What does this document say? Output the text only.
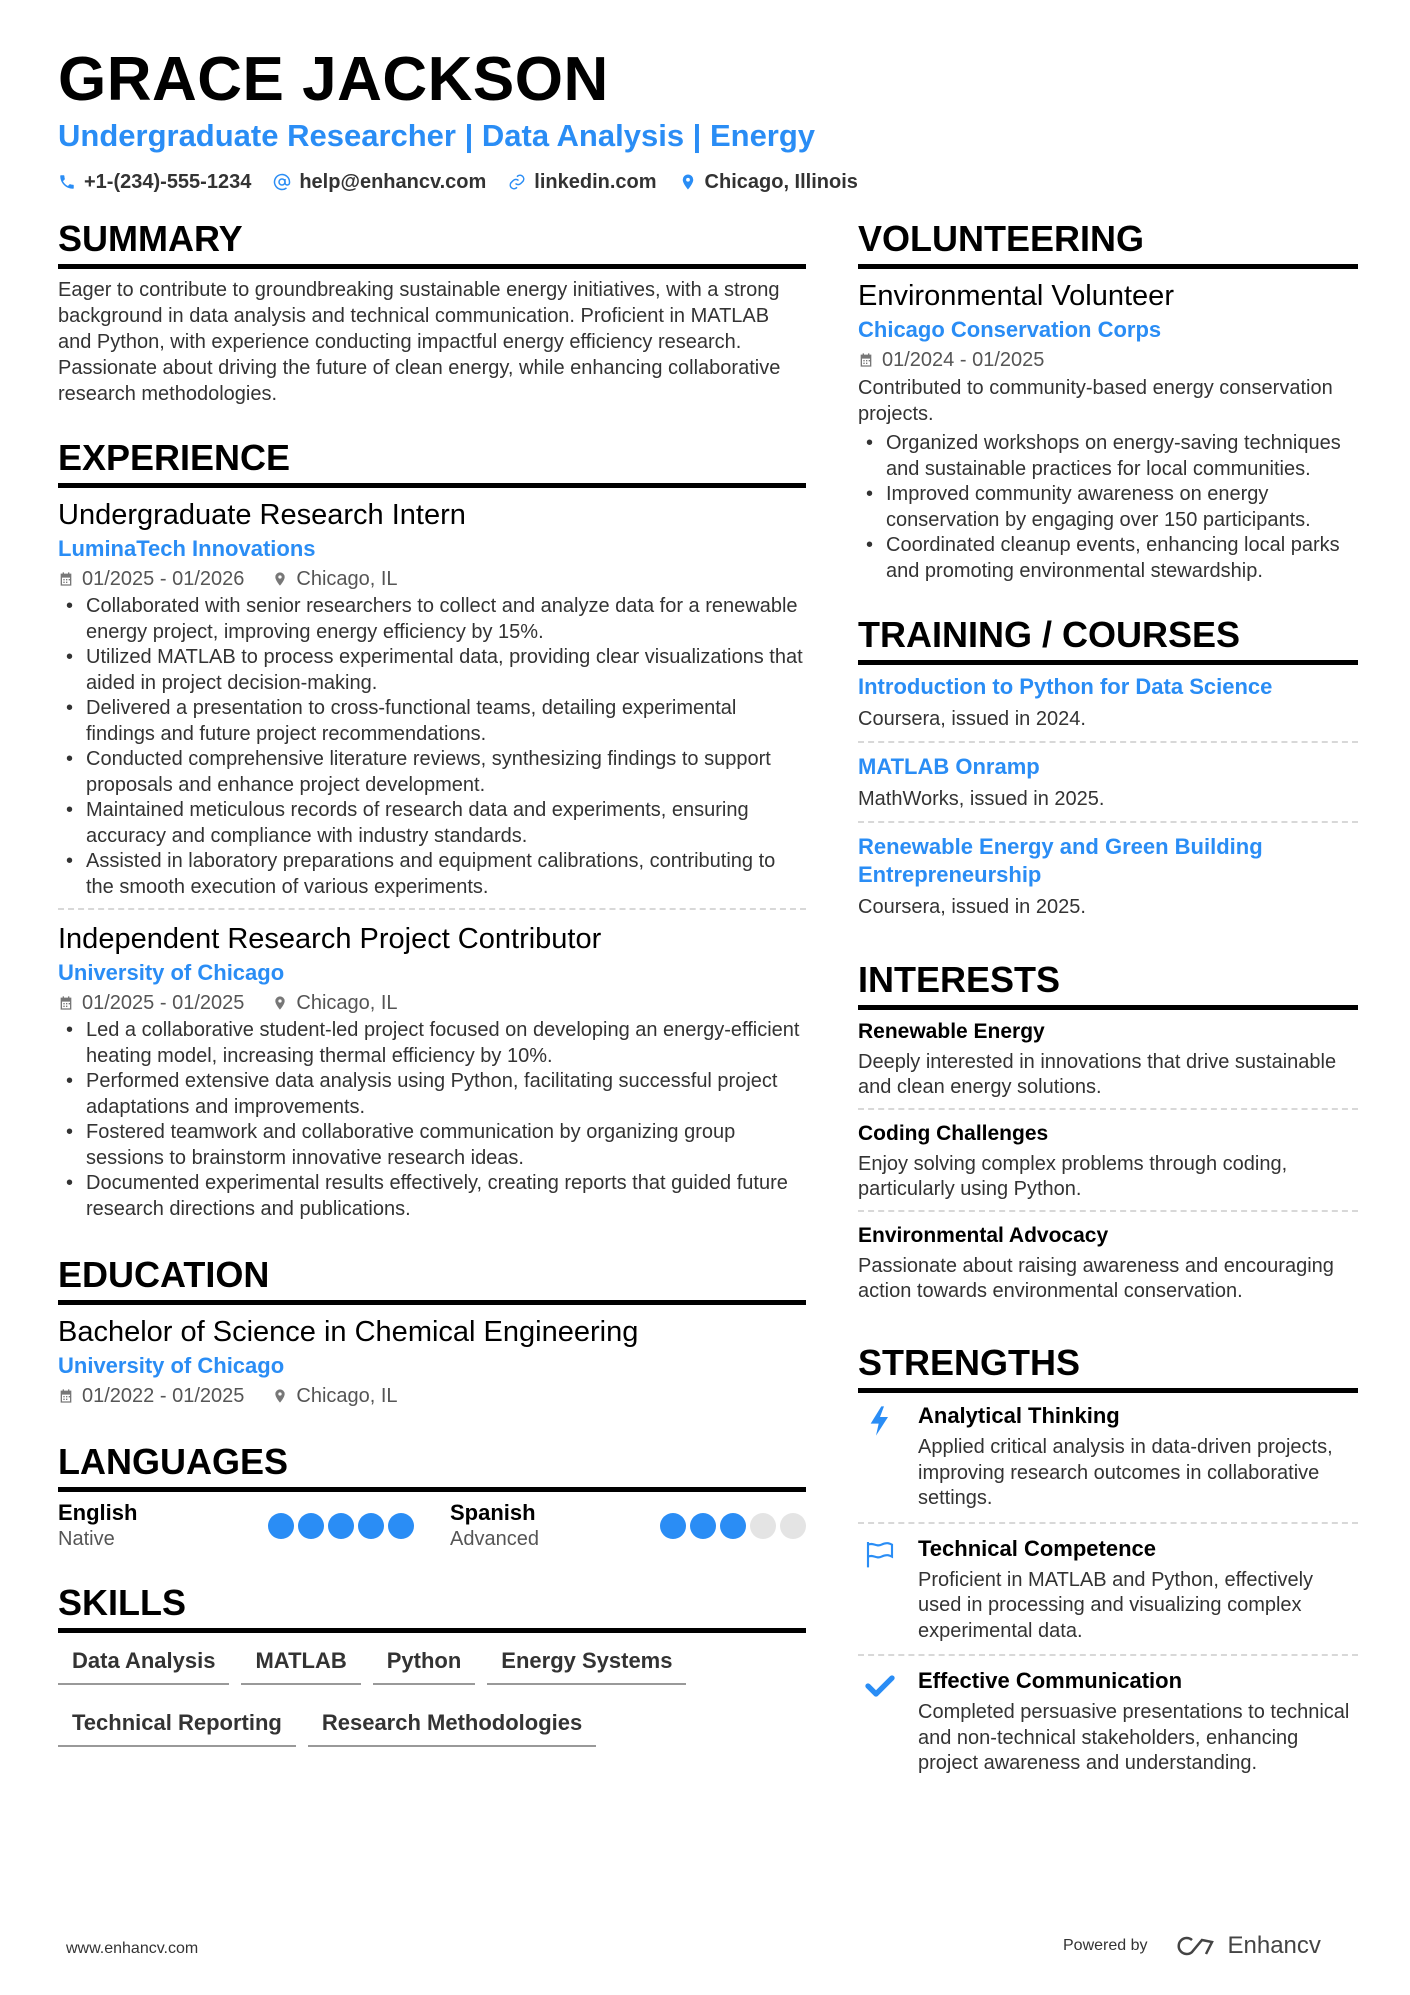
GRACE JACKSON
Undergraduate Researcher | Data Analysis | Energy
+1-(234)-555-1234 help@enhancv.com linkedin.com Chicago, Illinois
SUMMARY
Eager to contribute to groundbreaking sustainable energy initiatives, with a strong background in data analysis and technical communication. Proficient in MATLAB and Python, with experience conducting impactful energy efficiency research. Passionate about driving the future of clean energy, while enhancing collaborative research methodologies.
EXPERIENCE
Undergraduate Research Intern
LuminaTech Innovations
01/2025 - 01/2026	Chicago, IL
• Collaborated with senior researchers to collect and analyze data for a renewable energy project, improving energy efficiency by 15%.
• Utilized MATLAB to process experimental data, providing clear visualizations that aided in project decision-making.
• Delivered a presentation to cross-functional teams, detailing experimental findings and future project recommendations.
• Conducted comprehensive literature reviews, synthesizing findings to support proposals and enhance project development.
• Maintained meticulous records of research data and experiments, ensuring accuracy and compliance with industry standards.
• Assisted in laboratory preparations and equipment calibrations, contributing to the smooth execution of various experiments.
Independent Research Project Contributor
University of Chicago
01/2025 - 01/2025	Chicago, IL
• Led a collaborative student-led project focused on developing an energy-efficient heating model, increasing thermal efficiency by 10%.
• Performed extensive data analysis using Python, facilitating successful project adaptations and improvements.
• Fostered teamwork and collaborative communication by organizing group sessions to brainstorm innovative research ideas.
• Documented experimental results effectively, creating reports that guided future research directions and publications.
EDUCATION
Bachelor of Science in Chemical Engineering
University of Chicago
01/2022 - 01/2025	Chicago, IL
LANGUAGES
English
Native
Spanish
Advanced
SKILLS
Data Analysis	MATLAB	Python	Energy Systems
Technical Reporting	Research Methodologies
VOLUNTEERING
Environmental Volunteer
Chicago Conservation Corps
01/2024 - 01/2025
Contributed to community-based energy conservation projects.
• Organized workshops on energy-saving techniques and sustainable practices for local communities.
• Improved community awareness on energy conservation by engaging over 150 participants.
• Coordinated cleanup events, enhancing local parks and promoting environmental stewardship.
TRAINING / COURSES
Introduction to Python for Data Science
Coursera, issued in 2024.
MATLAB Onramp
MathWorks, issued in 2025.
Renewable Energy and Green Building Entrepreneurship
Coursera, issued in 2025.
INTERESTS
Renewable Energy
Deeply interested in innovations that drive sustainable and clean energy solutions.
Coding Challenges
Enjoy solving complex problems through coding, particularly using Python.
Environmental Advocacy
Passionate about raising awareness and encouraging action towards environmental conservation.
STRENGTHS
Analytical Thinking
Applied critical analysis in data-driven projects, improving research outcomes in collaborative settings.
Technical Competence
Proficient in MATLAB and Python, effectively used in processing and visualizing complex experimental data.
Effective Communication
Completed persuasive presentations to technical and non-technical stakeholders, enhancing project awareness and understanding.
www.enhancv.com	Powered by	Enhancv
